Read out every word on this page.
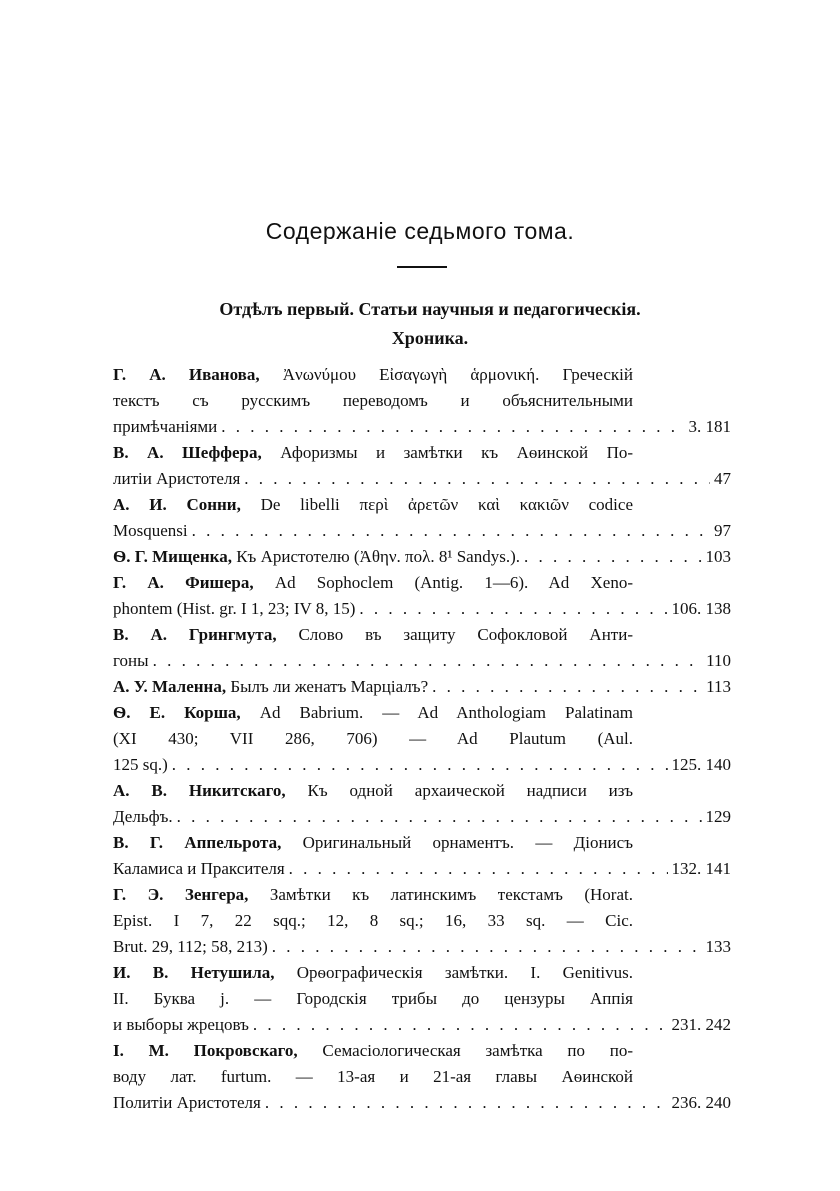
Содержаніе седьмого тома.
Отдѣлъ первый. Статьи научныя и педагогическія.
Хроника.
Г. А. Иванова, Ἀνωνύμου Εἰσαγωγὴ ἁρμονική. Греческій
текстъ съ русскимъ переводомъ и объяснительными
примѣчаніями . . .	3. 181
В. А. Шеффера, Афоризмы и замѣтки къ Аѳинской По-
литіи Аристотеля . . .	47
А. И. Сонни, De libelli περὶ ἀρετῶν καὶ κακιῶν codice
Mosquensi . . .	97
Ѳ. Г. Мищенка, Къ Аристотелю (Ἀθην. πολ. 8¹ Sandys.). . . .	103
Г. А. Фишера, Ad Sophoclem (Antig. 1—6). Ad Xeno-
phontem (Hist. gr. I 1, 23; IV 8, 15) . . .	106. 138
В. А. Грингмута, Слово въ защиту Софокловой Анти-
гоны . . .	110
А. У. Маленна, Былъ ли женатъ Марціалъ? . . .	113
Ѳ. Е. Корша, Ad Babrium. — Ad Anthologiam Palatinam
(XI 430; VII 286, 706) — Ad Plautum (Aul.
125 sq.) . . .	125. 140
А. В. Никитскаго, Къ одной архаической надписи изъ
Дельфъ. . . .	129
В. Г. Аппельрота, Оригинальный орнаментъ. — Діонисъ
Каламиса и Праксителя . . .	132. 141
Г. Э. Зенгера, Замѣтки къ латинскимъ текстамъ (Horat.
Epist. I 7, 22 sqq.; 12, 8 sq.; 16, 33 sq. — Cic.
Brut. 29, 112; 58, 213) . . .	133
И. В. Нетушила, Орѳографическія замѣтки. I. Genitivus.
II. Буква j. — Городскія трибы до цензуры Аппія
и выборы жрецовъ . . .	231. 242
I. М. Покровскаго, Семасіологическая замѣтка по по-
воду лат. furtum. — 13-ая и 21-ая главы Аѳинской
Политіи Аристотеля . . .	236. 240
